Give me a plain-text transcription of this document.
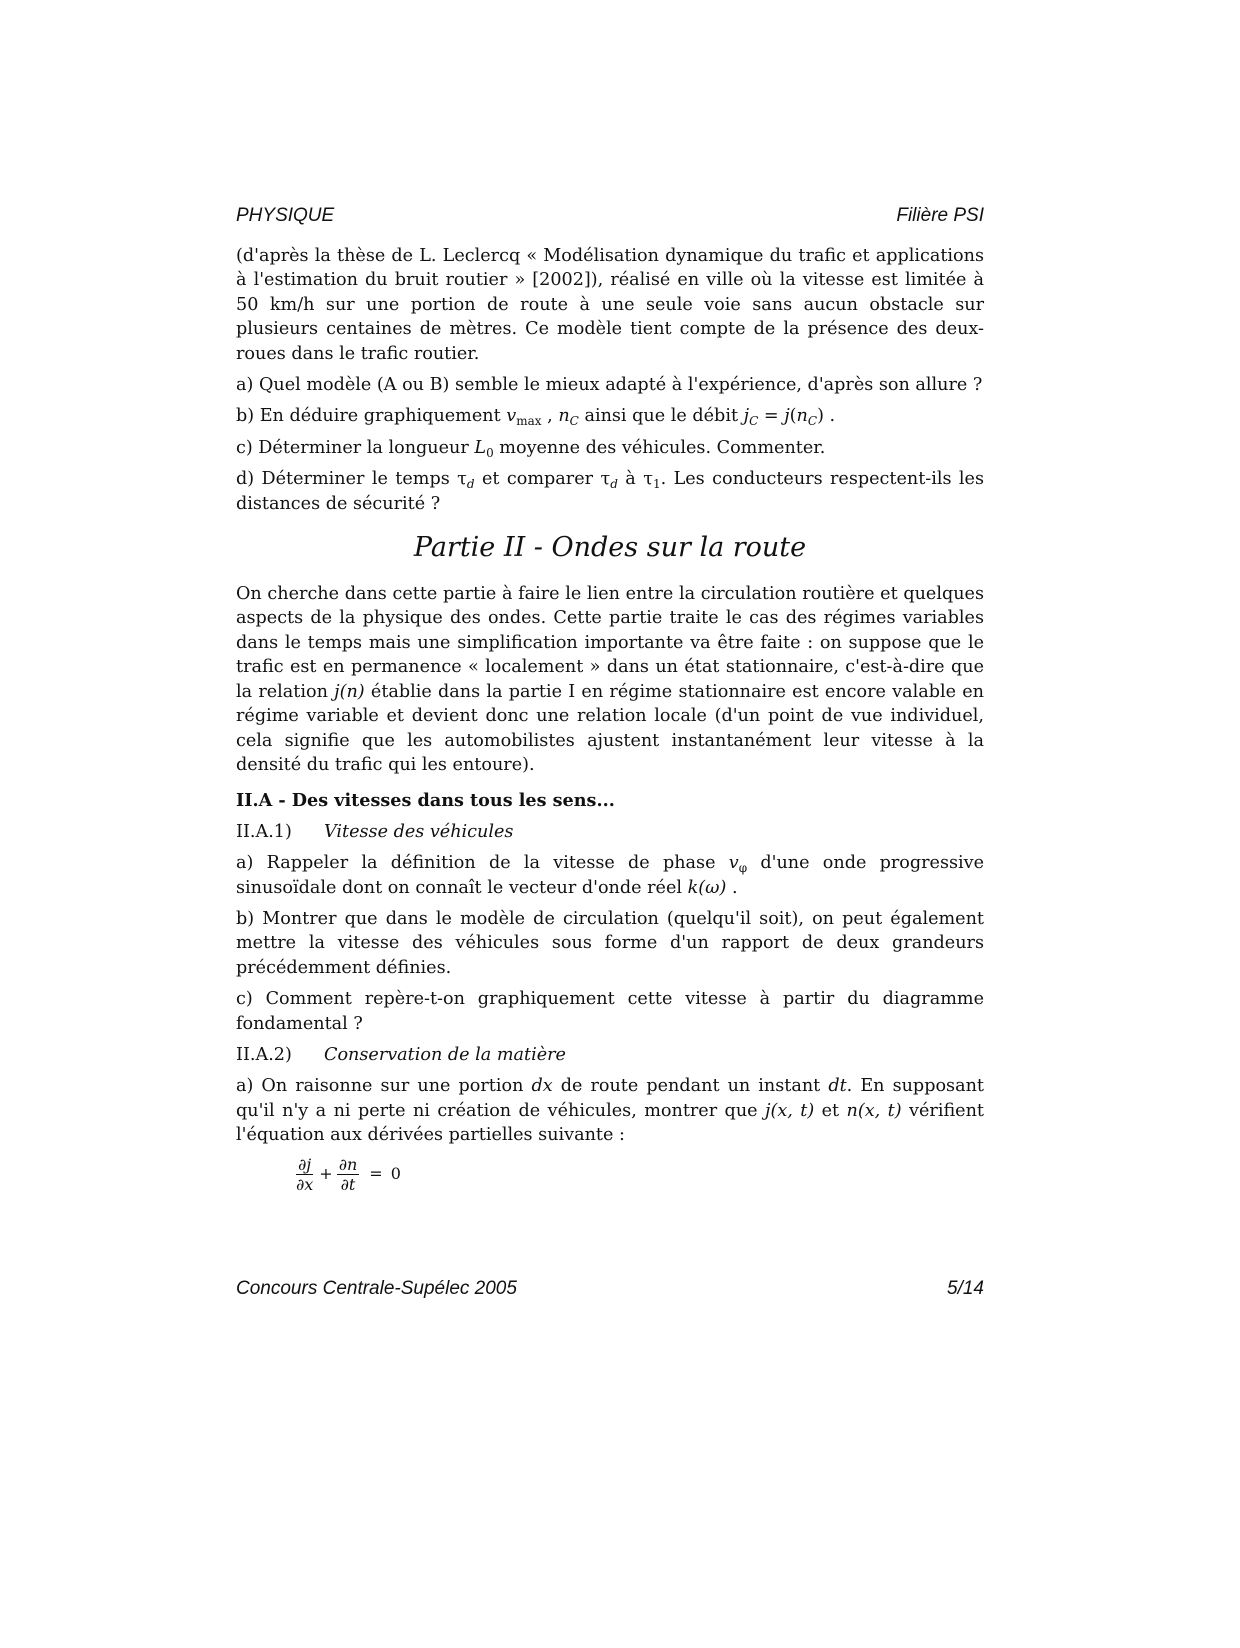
PHYSIQUE	Filière PSI

(d'après la thèse de L. Leclercq « Modélisation dynamique du trafic et applications à l'estimation du bruit routier » [2002]), réalisé en ville où la vitesse est limitée à 50 km/h sur une portion de route à une seule voie sans aucun obstacle sur plusieurs centaines de mètres. Ce modèle tient compte de la présence des deux-roues dans le trafic routier.

a) Quel modèle (A ou B) semble le mieux adapté à l'expérience, d'après son allure ?

b) En déduire graphiquement $v_{max}$ , $n_C$ ainsi que le débit $j_C = j(n_C)$ .

c) Déterminer la longueur $L_0$ moyenne des véhicules. Commenter.

d) Déterminer le temps $\tau_d$ et comparer $\tau_d$ à $\tau_1$. Les conducteurs respectent-ils les distances de sécurité ?

Partie II - Ondes sur la route

On cherche dans cette partie à faire le lien entre la circulation routière et quelques aspects de la physique des ondes. Cette partie traite le cas des régimes variables dans le temps mais une simplification importante va être faite : on suppose que le trafic est en permanence « localement » dans un état stationnaire, c'est-à-dire que la relation j(n) établie dans la partie I en régime stationnaire est encore valable en régime variable et devient donc une relation locale (d'un point de vue individuel, cela signifie que les automobilistes ajustent instantanément leur vitesse à la densité du trafic qui les entoure).

II.A - Des vitesses dans tous les sens...
II.A.1) Vitesse des véhicules

a) Rappeler la définition de la vitesse de phase $v_\varphi$ d'une onde progressive sinusoïdale dont on connaît le vecteur d'onde réel k(ω) .

b) Montrer que dans le modèle de circulation (quelqu'il soit), on peut également mettre la vitesse des véhicules sous forme d'un rapport de deux grandeurs précédemment définies.

c) Comment repère-t-on graphiquement cette vitesse à partir du diagramme fondamental ?

II.A.2) Conservation de la matière

a) On raisonne sur une portion dx de route pendant un instant dt. En supposant qu'il n'y a ni perte ni création de véhicules, montrer que j(x, t) et n(x, t) vérifient l'équation aux dérivées partielles suivante :

$\frac{\partial j}{\partial x} + \frac{\partial n}{\partial t} = 0$
Concours Centrale-Supélec 2005	5/14
